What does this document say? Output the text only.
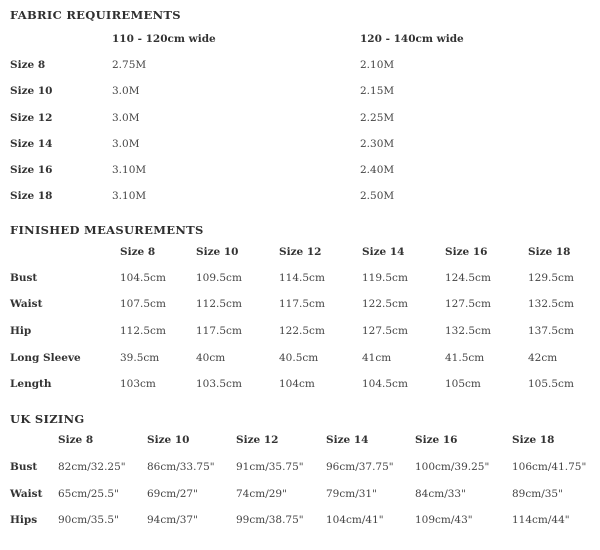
FABRIC REQUIREMENTS
110 - 120cm wide	120 - 140cm wide
Size 8	2.75M	2.10M
Size 10	3.0M	2.15M
Size 12	3.0M	2.25M
Size 14	3.0M	2.30M
Size 16	3.10M	2.40M
Size 18	3.10M	2.50M
FINISHED MEASUREMENTS
Size 8	Size 10	Size 12	Size 14	Size 16	Size 18
Bust	104.5cm	109.5cm	114.5cm	119.5cm	124.5cm	129.5cm
Waist	107.5cm	112.5cm	117.5cm	122.5cm	127.5cm	132.5cm
Hip	112.5cm	117.5cm	122.5cm	127.5cm	132.5cm	137.5cm
Long Sleeve	39.5cm	40cm	40.5cm	41cm	41.5cm	42cm
Length	103cm	103.5cm	104cm	104.5cm	105cm	105.5cm
UK SIZING
Size 8	Size 10	Size 12	Size 14	Size 16	Size 18
Bust 82cm/32.25" 86cm/33.75" 91cm/35.75" 96cm/37.75" 100cm/39.25" 106cm/41.75"
Waist 65cm/25.5"	69cm/27"	74cm/29"	79cm/31"	84cm/33"	89cm/35"
Hips 90cm/35.5"	94cm/37"	99cm/38.75" 104cm/41"	109cm/43"	114cm/44"
